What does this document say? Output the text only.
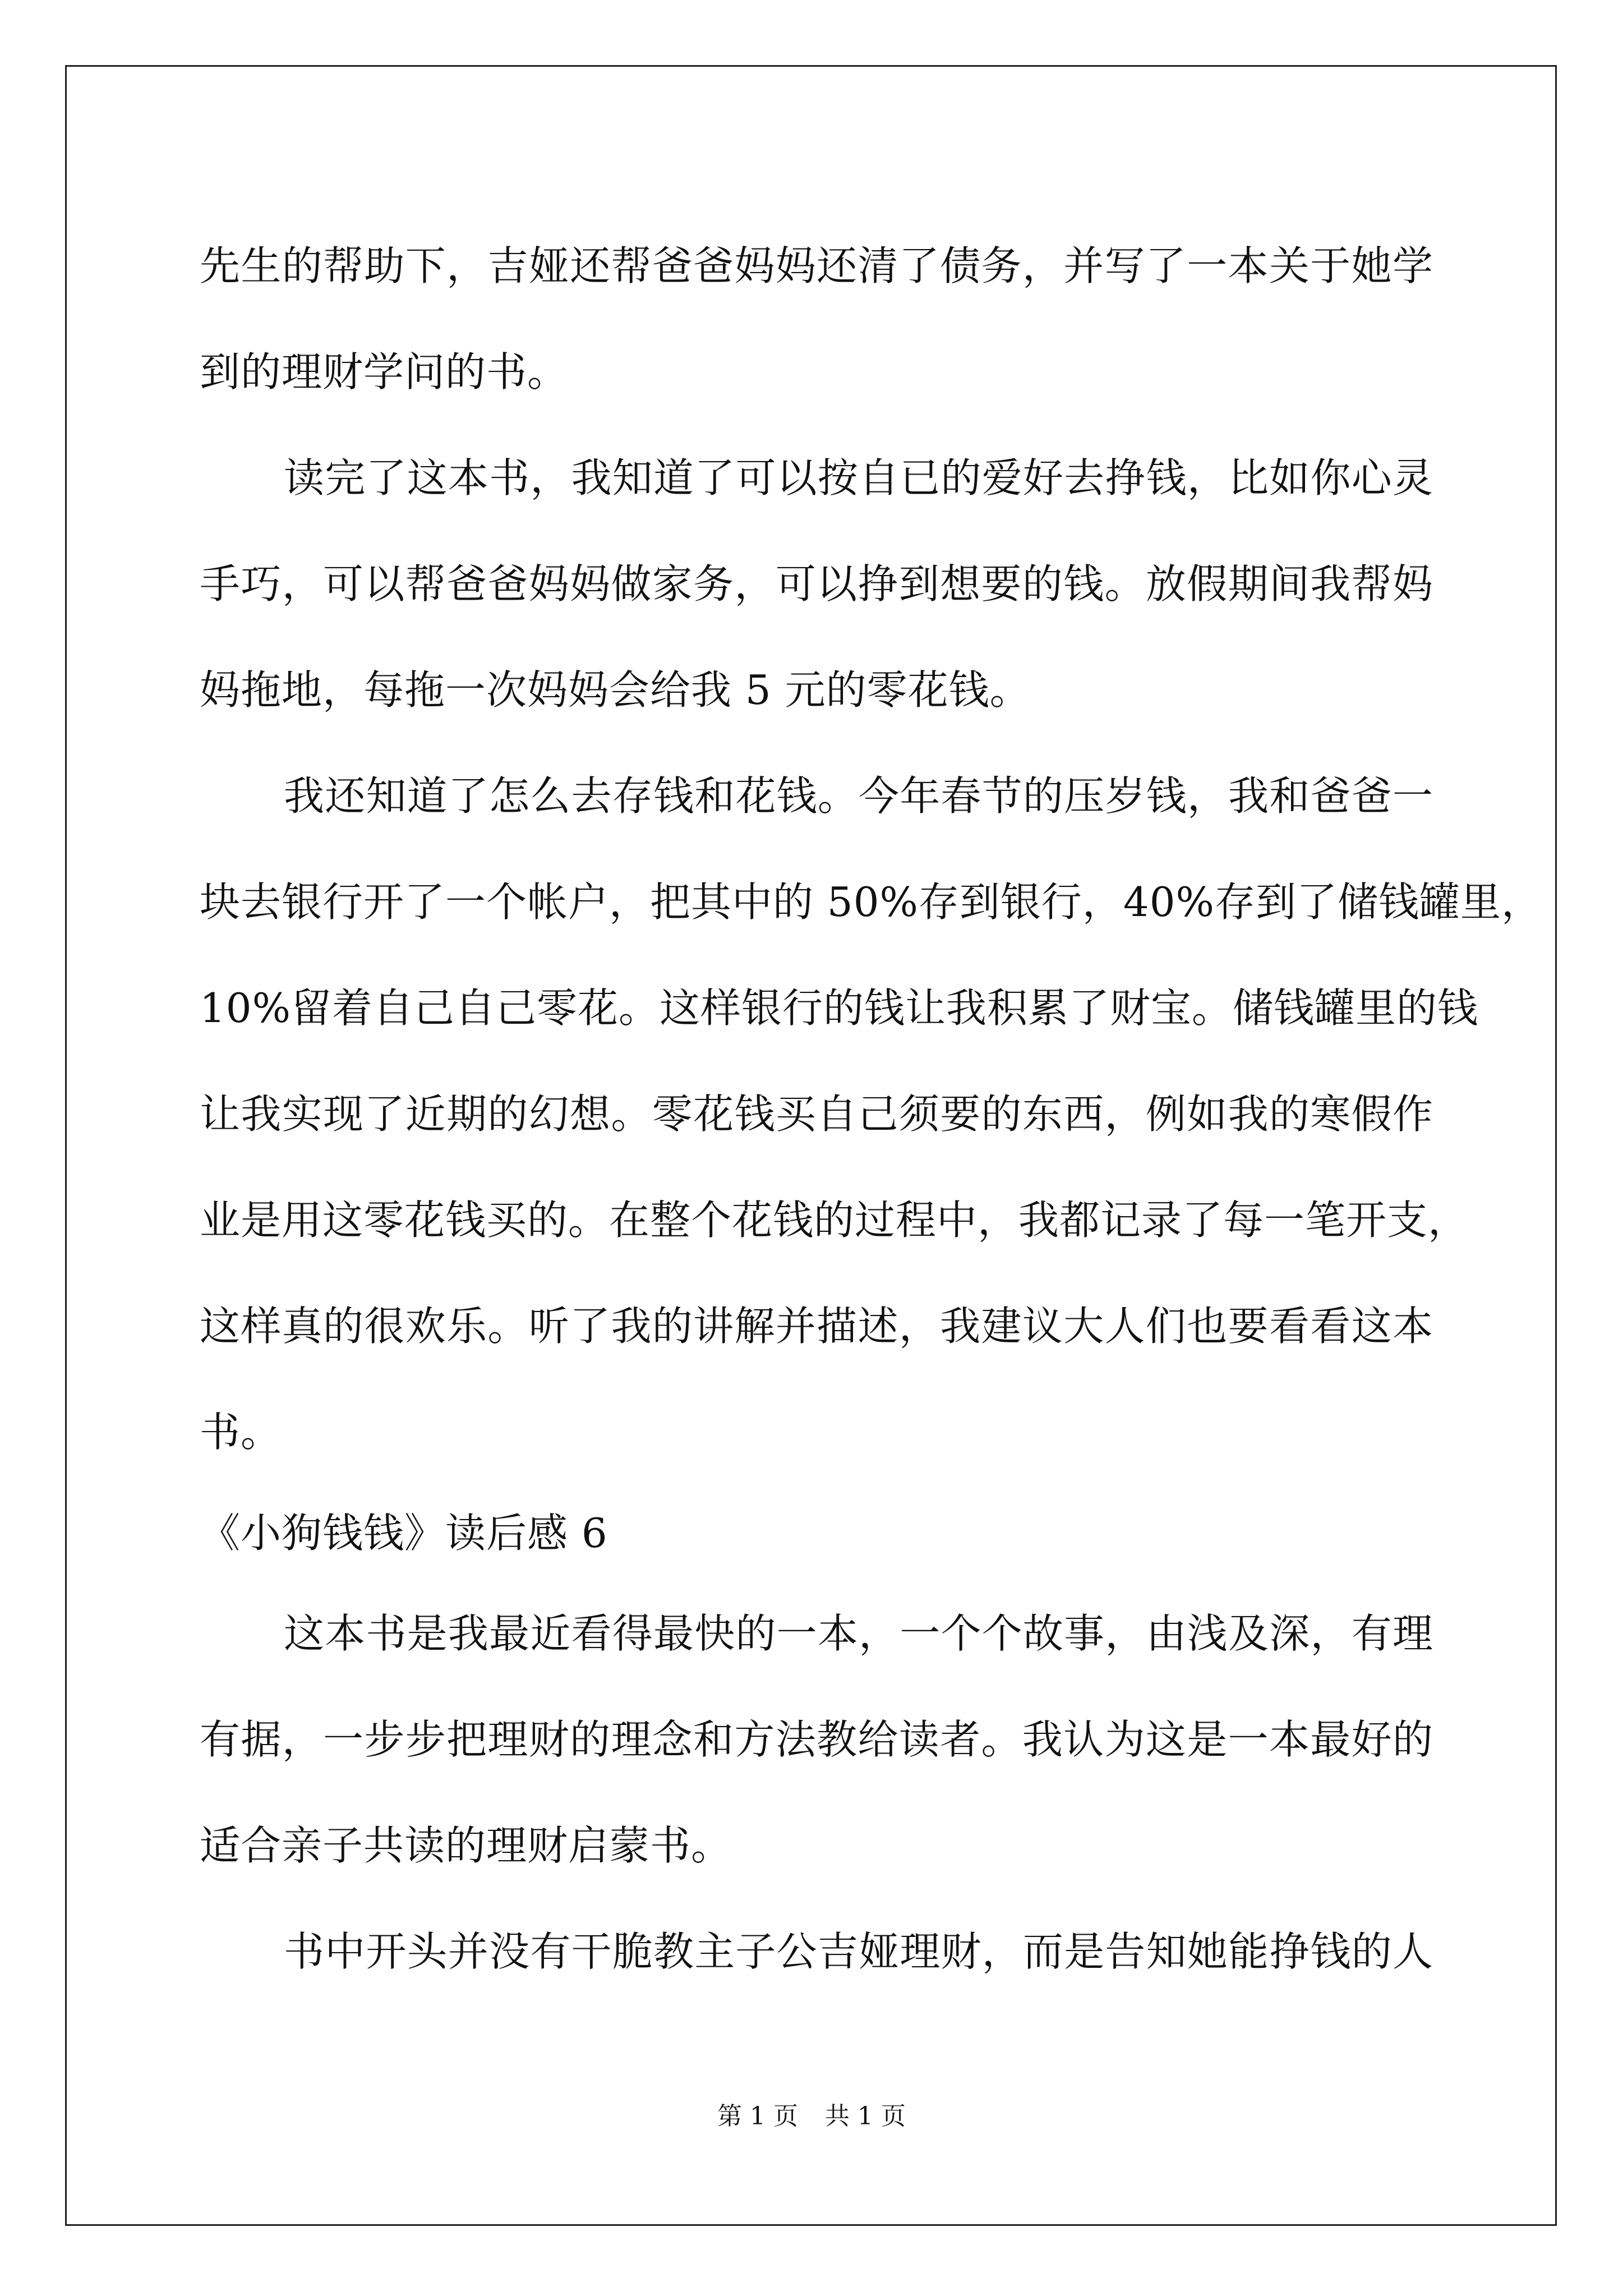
先生的帮助下，吉娅还帮爸爸妈妈还清了债务，并写了一本关于她学
到的理财学问的书。
读完了这本书，我知道了可以按自已的爱好去挣钱，比如你心灵
手巧，可以帮爸爸妈妈做家务，可以挣到想要的钱。放假期间我帮妈
妈拖地，每拖一次妈妈会给我 5 元的零花钱。
我还知道了怎么去存钱和花钱。今年春节的压岁钱，我和爸爸一
块去银行开了一个帐户，把其中的 50%存到银行，40%存到了储钱罐里，
10%留着自己自己零花。这样银行的钱让我积累了财宝。储钱罐里的钱
让我实现了近期的幻想。零花钱买自己须要的东西，例如我的寒假作
业是用这零花钱买的。在整个花钱的过程中，我都记录了每一笔开支，
这样真的很欢乐。听了我的讲解并描述，我建议大人们也要看看这本
书。
《小狗钱钱》读后感 6
这本书是我最近看得最快的一本，一个个故事，由浅及深，有理
有据，一步步把理财的理念和方法教给读者。我认为这是一本最好的
适合亲子共读的理财启蒙书。
书中开头并没有干脆教主子公吉娅理财，而是告知她能挣钱的人
第 1 页 共 1 页
